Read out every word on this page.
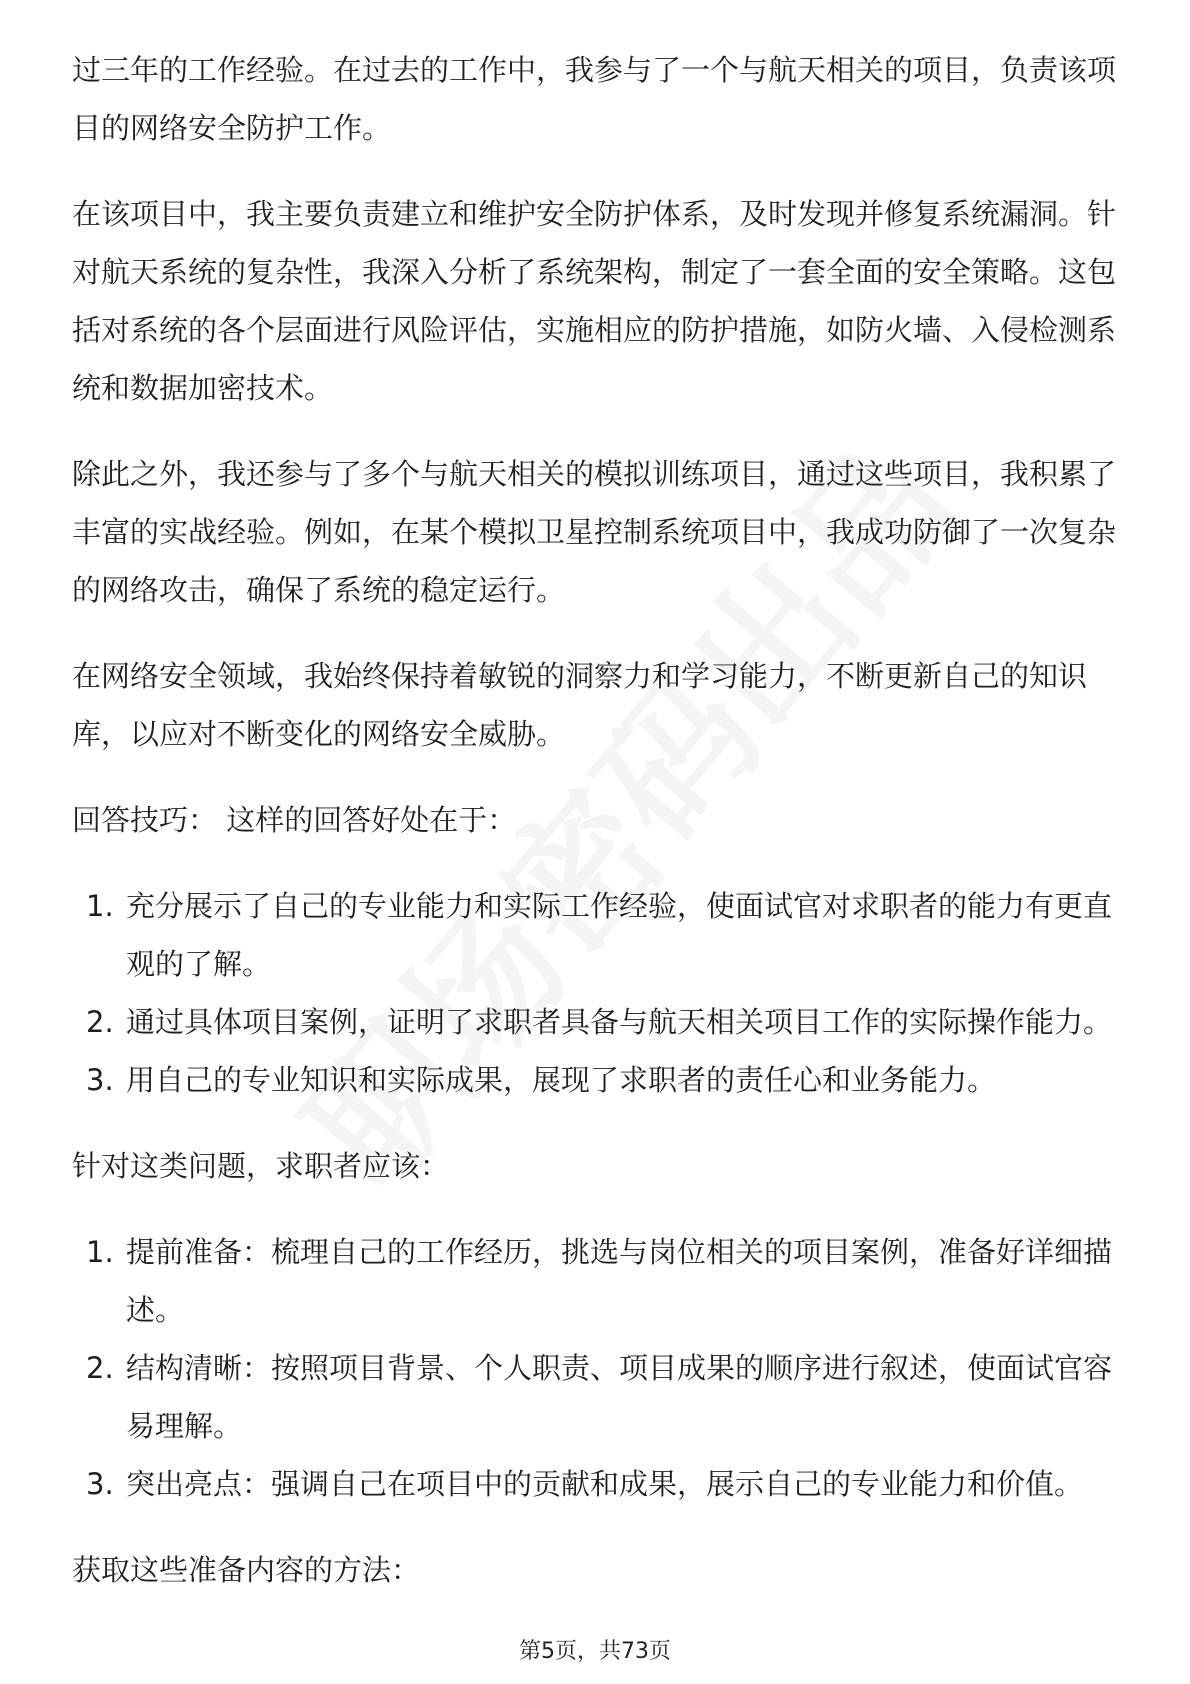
过三年的工作经验。在过去的工作中，我参与了一个与航天相关的项目，负责该项目的网络安全防护工作。

在该项目中，我主要负责建立和维护安全防护体系，及时发现并修复系统漏洞。针对航天系统的复杂性，我深入分析了系统架构，制定了一套全面的安全策略。这包括对系统的各个层面进行风险评估，实施相应的防护措施，如防火墙、入侵检测系统和数据加密技术。

除此之外，我还参与了多个与航天相关的模拟训练项目，通过这些项目，我积累了丰富的实战经验。例如，在某个模拟卫星控制系统项目中，我成功防御了一次复杂的网络攻击，确保了系统的稳定运行。

在网络安全领域，我始终保持着敏锐的洞察力和学习能力，不断更新自己的知识库，以应对不断变化的网络安全威胁。

回答技巧： 这样的回答好处在于：

1. 充分展示了自己的专业能力和实际工作经验，使面试官对求职者的能力有更直观的了解。
2. 通过具体项目案例，证明了求职者具备与航天相关项目工作的实际操作能力。
3. 用自己的专业知识和实际成果，展现了求职者的责任心和业务能力。

针对这类问题，求职者应该：

1. 提前准备：梳理自己的工作经历，挑选与岗位相关的项目案例，准备好详细描述。
2. 结构清晰：按照项目背景、个人职责、项目成果的顺序进行叙述，使面试官容易理解。
3. 突出亮点：强调自己在项目中的贡献和成果，展示自己的专业能力和价值。

获取这些准备内容的方法：

第5页，共73页
